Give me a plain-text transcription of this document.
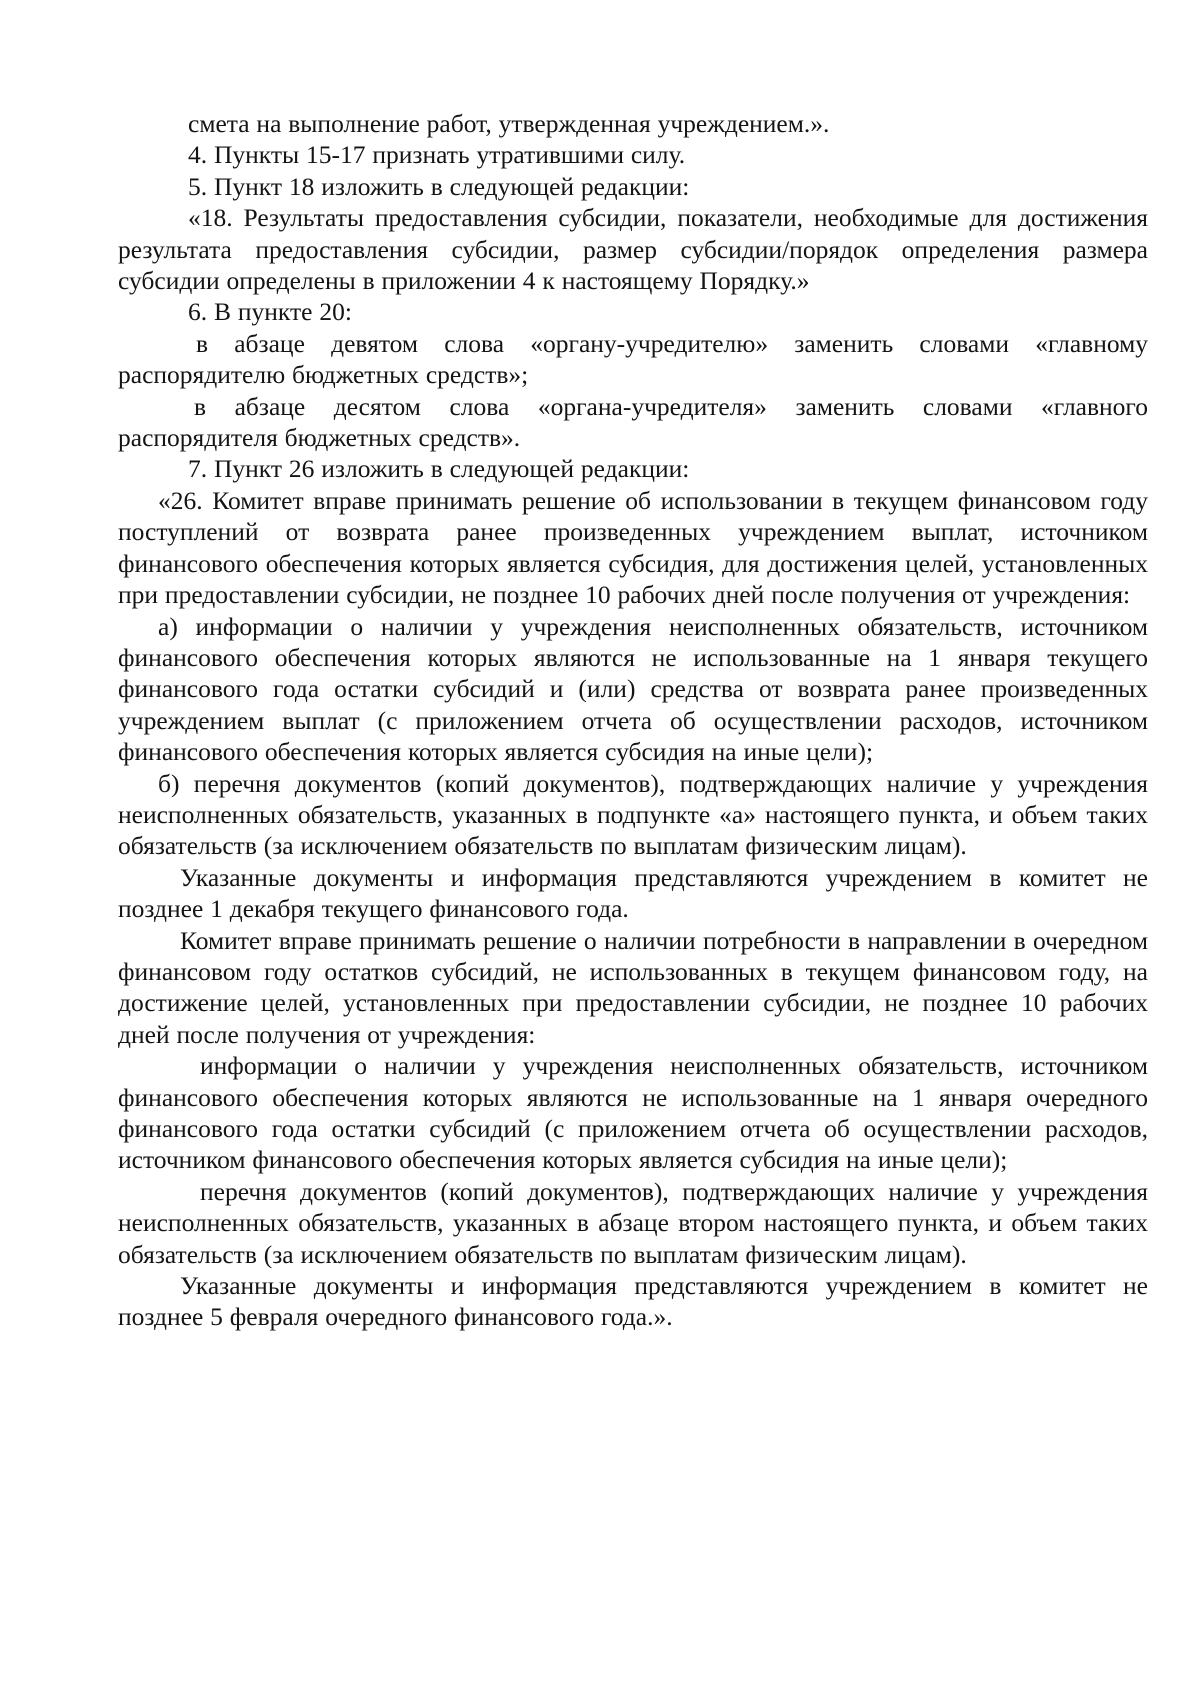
смета на выполнение работ, утвержденная учреждением.».

4. Пункты 15-17 признать утратившими силу.

5. Пункт 18 изложить в следующей редакции:

«18. Результаты предоставления субсидии, показатели, необходимые для достижения результата предоставления субсидии, размер субсидии/порядок определения размера субсидии определены в приложении 4 к настоящему Порядку.»

6. В пункте 20:

в абзаце девятом слова «органу-учредителю» заменить словами «главному распорядителю бюджетных средств»;

в абзаце десятом слова «органа-учредителя» заменить словами «главного распорядителя бюджетных средств».

7. Пункт 26 изложить в следующей редакции:

«26. Комитет вправе принимать решение об использовании в текущем финансовом году поступлений от возврата ранее произведенных учреждением выплат, источником финансового обеспечения которых является субсидия, для достижения целей, установленных при предоставлении субсидии, не позднее 10 рабочих дней после получения от учреждения:

а) информации о наличии у учреждения неисполненных обязательств, источником финансового обеспечения которых являются не использованные на 1 января текущего финансового года остатки субсидий и (или) средства от возврата ранее произведенных учреждением выплат (с приложением отчета об осуществлении расходов, источником финансового обеспечения которых является субсидия на иные цели);

б) перечня документов (копий документов), подтверждающих наличие у учреждения неисполненных обязательств, указанных в подпункте «а» настоящего пункта, и объем таких обязательств (за исключением обязательств по выплатам физическим лицам).

Указанные документы и информация представляются учреждением в комитет не позднее 1 декабря текущего финансового года.

Комитет вправе принимать решение о наличии потребности в направлении в очередном финансовом году остатков субсидий, не использованных в текущем финансовом году, на достижение целей, установленных при предоставлении субсидии, не позднее 10 рабочих дней после получения от учреждения:

информации о наличии у учреждения неисполненных обязательств, источником финансового обеспечения которых являются не использованные на 1 января очередного финансового года остатки субсидий (с приложением отчета об осуществлении расходов, источником финансового обеспечения которых является субсидия на иные цели);

перечня документов (копий документов), подтверждающих наличие у учреждения неисполненных обязательств, указанных в абзаце втором настоящего пункта, и объем таких обязательств (за исключением обязательств по выплатам физическим лицам).

Указанные документы и информация представляются учреждением в комитет не позднее 5 февраля очередного финансового года.».
